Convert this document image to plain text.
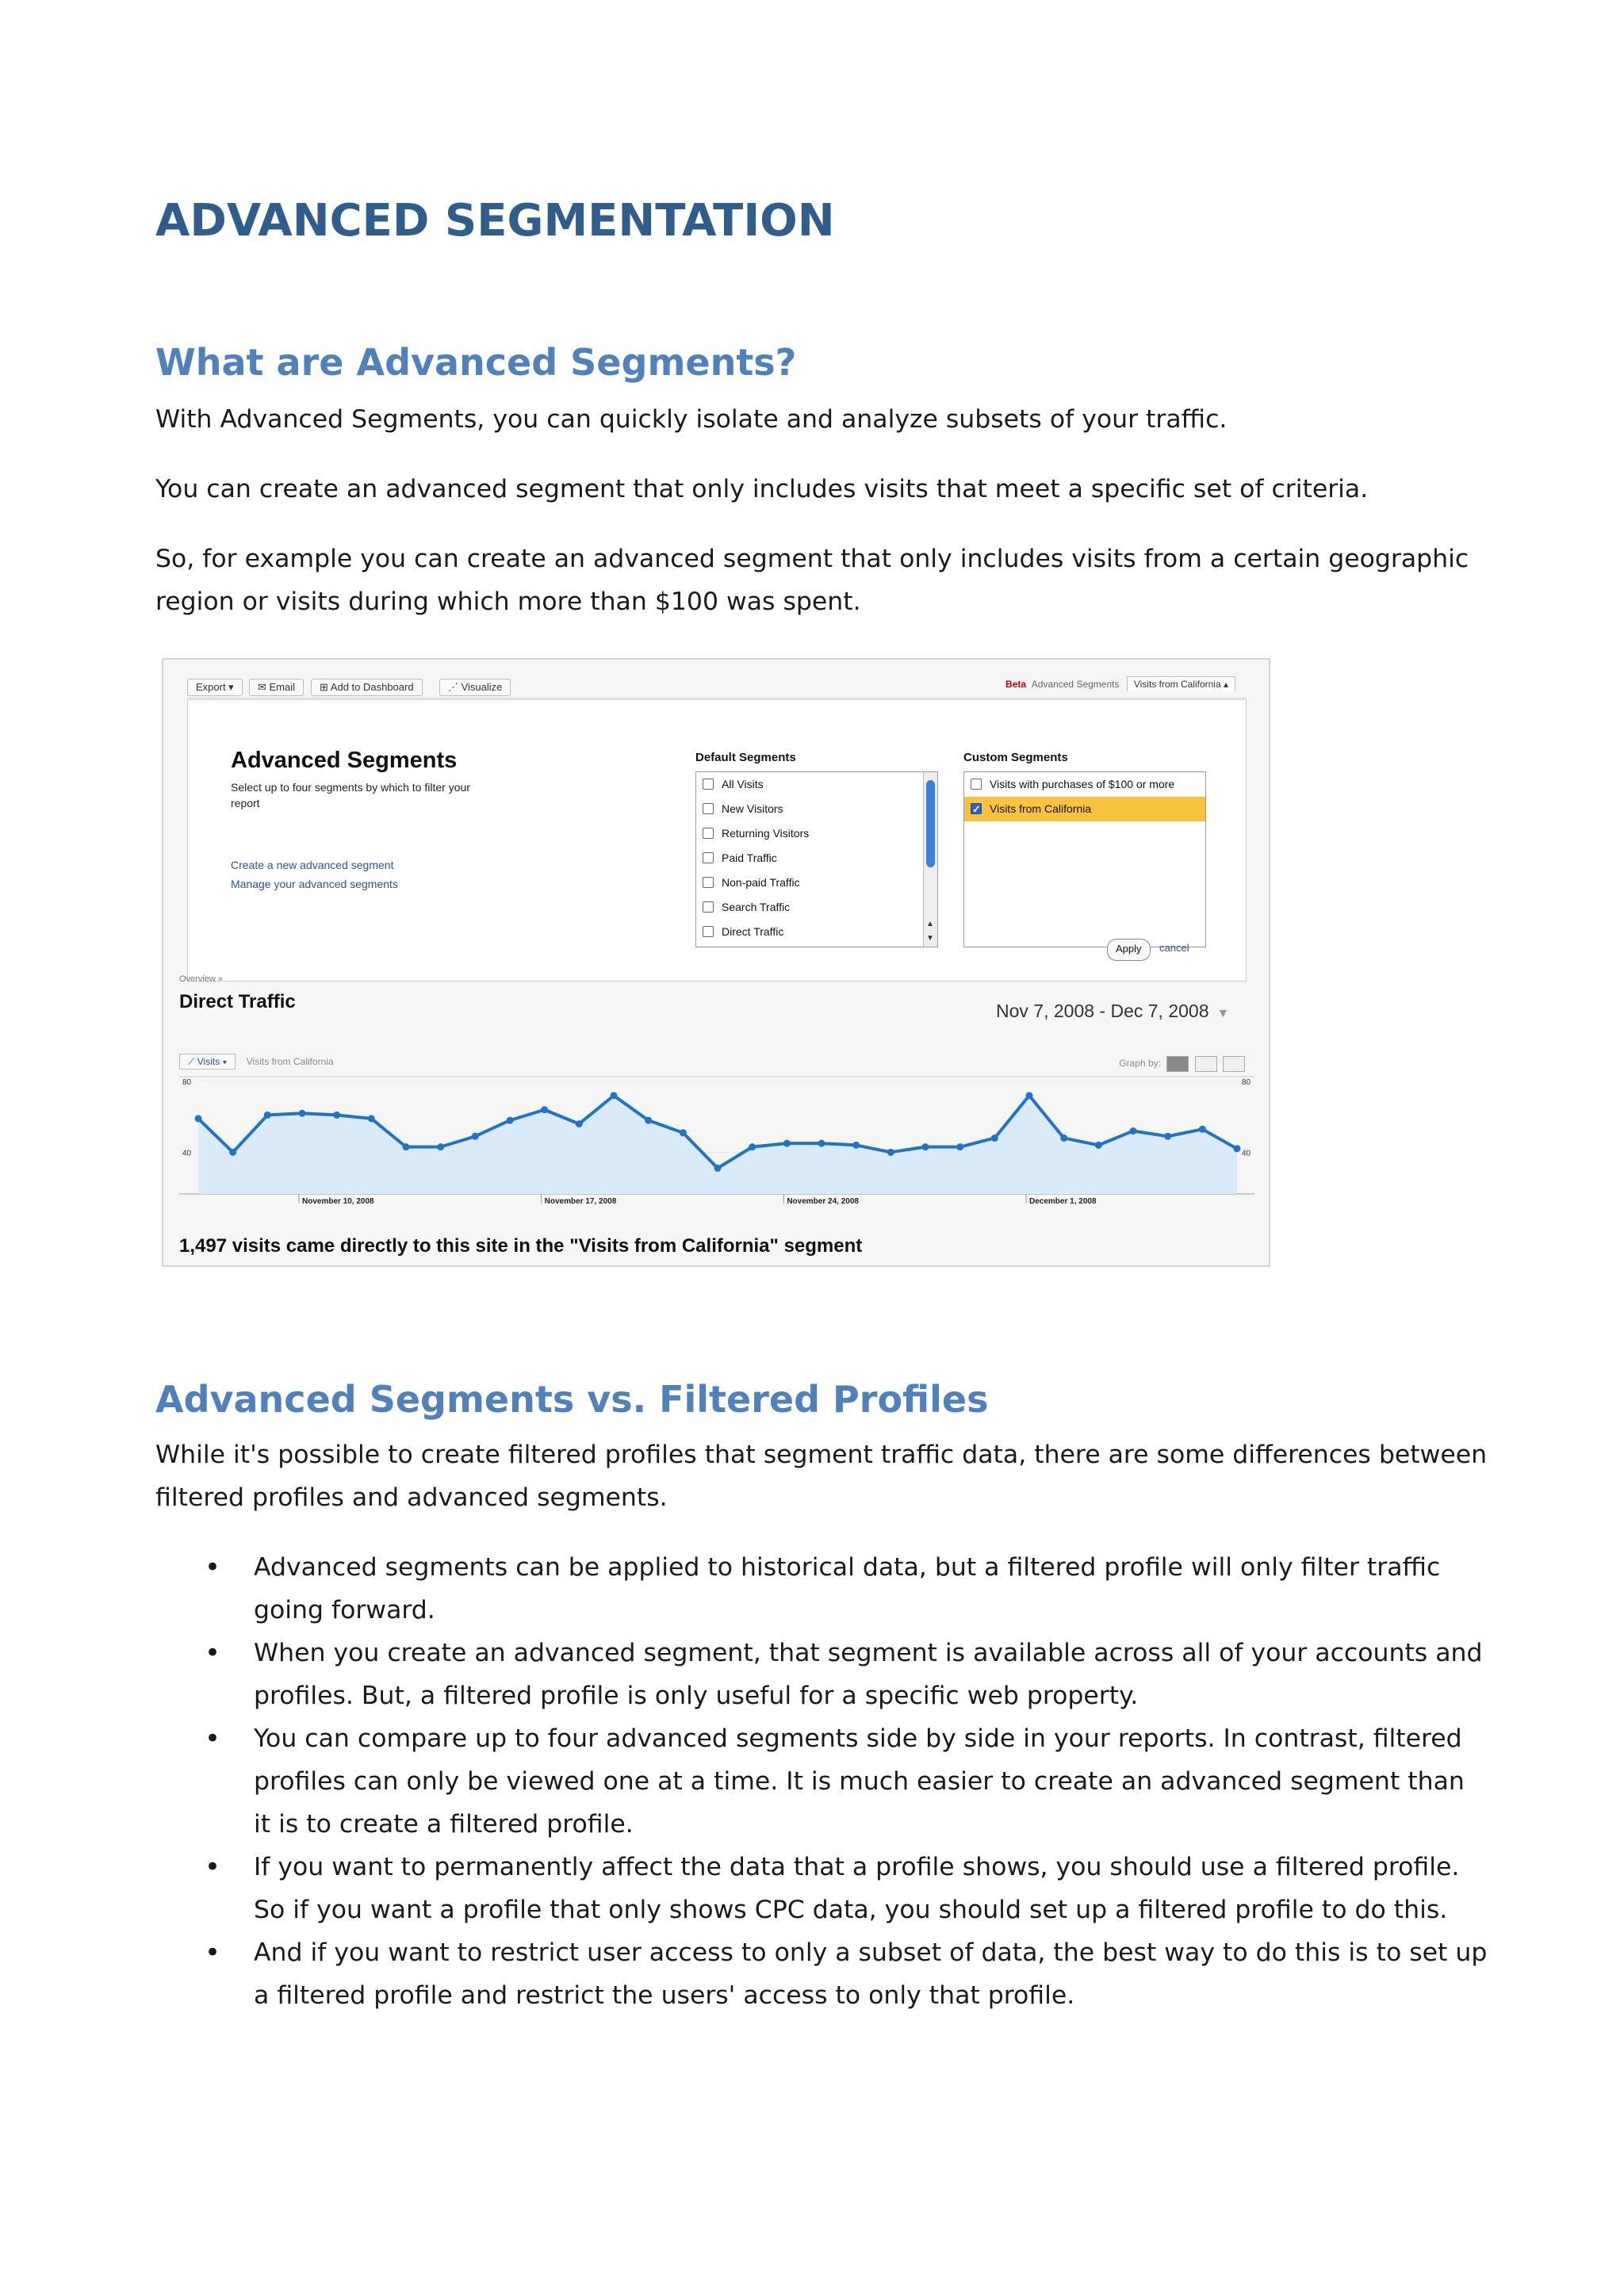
ADVANCED SEGMENTATION
What are Advanced Segments?

With Advanced Segments, you can quickly isolate and analyze subsets of your traffic.

You can create an advanced segment that only includes visits that meet a specific set of criteria.

So, for example you can create an advanced segment that only includes visits from a certain geographic region or visits during which more than $100 was spent.

Export ▾	✉ Email	⊞ Add to Dashboard	⋰ Visualize	Beta Advanced Segments Visits from California ▴
Advanced Segments
Select up to four segments by which to filter your report
Create a new advanced segment
Manage your advanced segments
Default Segments
All Visits
New Visitors
Returning Visitors
Paid Traffic
Non-paid Traffic
Search Traffic
Direct Traffic
▲
▼
Custom Segments
Visits with purchases of $100 or more
✓
Visits from California
Apply	cancel
Overview »
Direct Traffic	Nov 7, 2008 - Dec 7, 2008 ▼
⟋ Visits ▾ Visits from California	Graph by:
40	40
80	80
November 10, 2008	November 17, 2008	November 24, 2008	December 1, 2008
1,497 visits came directly to this site in the "Visits from California" segment
Advanced Segments vs. Filtered Profiles

While it's possible to create filtered profiles that segment traffic data, there are some differences between filtered profiles and advanced segments.

• Advanced segments can be applied to historical data, but a filtered profile will only filter traffic going forward.
• When you create an advanced segment, that segment is available across all of your accounts and profiles. But, a filtered profile is only useful for a specific web property.
• You can compare up to four advanced segments side by side in your reports. In contrast, filtered profiles can only be viewed one at a time. It is much easier to create an advanced segment than it is to create a filtered profile.
• If you want to permanently affect the data that a profile shows, you should use a filtered profile. So if you want a profile that only shows CPC data, you should set up a filtered profile to do this.
• And if you want to restrict user access to only a subset of data, the best way to do this is to set up a filtered profile and restrict the users' access to only that profile.
